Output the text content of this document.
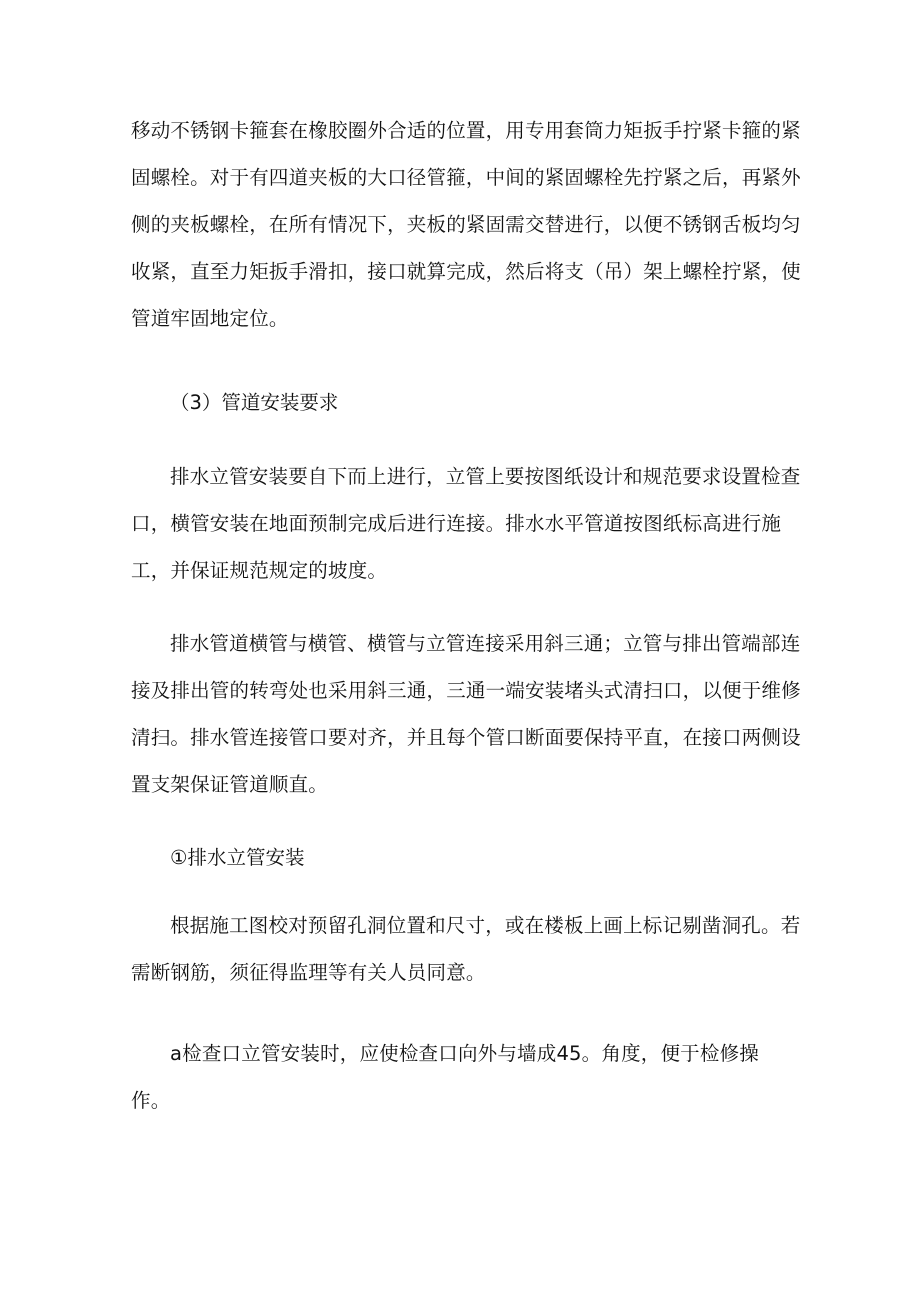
移动不锈钢卡箍套在橡胶圈外合适的位置，用专用套筒力矩扳手拧紧卡箍的紧固螺栓。对于有四道夹板的大口径管箍，中间的紧固螺栓先拧紧之后，再紧外侧的夹板螺栓，在所有情况下，夹板的紧固需交替进行，以便不锈钢舌板均匀收紧，直至力矩扳手滑扣，接口就算完成，然后将支（吊）架上螺栓拧紧，使管道牢固地定位。

（3）管道安装要求

排水立管安装要自下而上进行，立管上要按图纸设计和规范要求设置检查口，横管安装在地面预制完成后进行连接。排水水平管道按图纸标高进行施工，并保证规范规定的坡度。

排水管道横管与横管、横管与立管连接采用斜三通；立管与排出管端部连接及排出管的转弯处也采用斜三通，三通一端安装堵头式清扫口，以便于维修清扫。排水管连接管口要对齐，并且每个管口断面要保持平直，在接口两侧设置支架保证管道顺直。

①排水立管安装

根据施工图校对预留孔洞位置和尺寸，或在楼板上画上标记剔凿洞孔。若需断钢筋，须征得监理等有关人员同意。

a检查口立管安装时，应使检查口向外与墙成45。角度，便于检修操作。
